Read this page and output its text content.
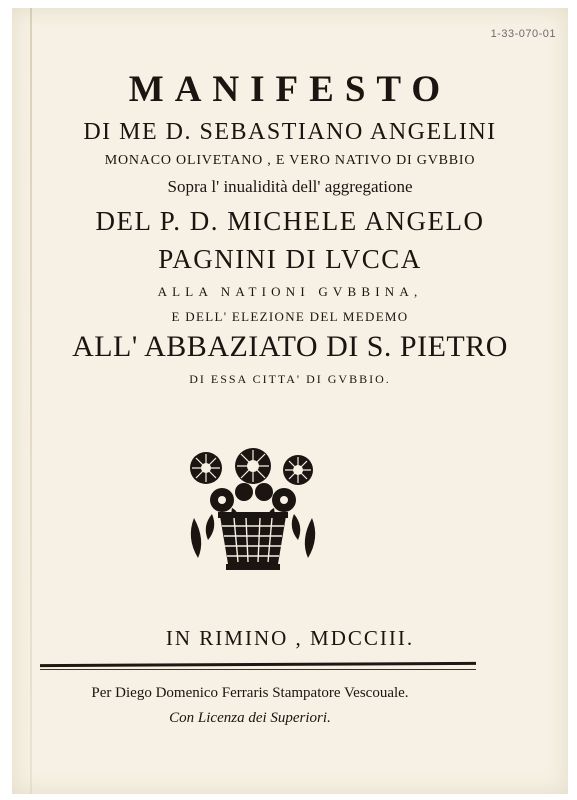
1-33-070-01
MANIFESTO
DI ME D. SEBASTIANO ANGELINI
MONACO OLIVETANO , E VERO NATIVO DI GVBBIO
Sopra l' inualidità dell' aggregatione
DEL P. D. MICHELE ANGELO
PAGNINI DI LVCCA
ALLA NATIONI GVBBINA,
E DELL' ELEZIONE DEL MEDEMO
ALL' ABBAZIATO DI S. PIETRO
DI ESSA CITTA' DI GVBBIO.
IN RIMINO , MDCCIII.
Per Diego Domenico Ferraris Stampatore Vescouale.
Con Licenza dei Superiori.
